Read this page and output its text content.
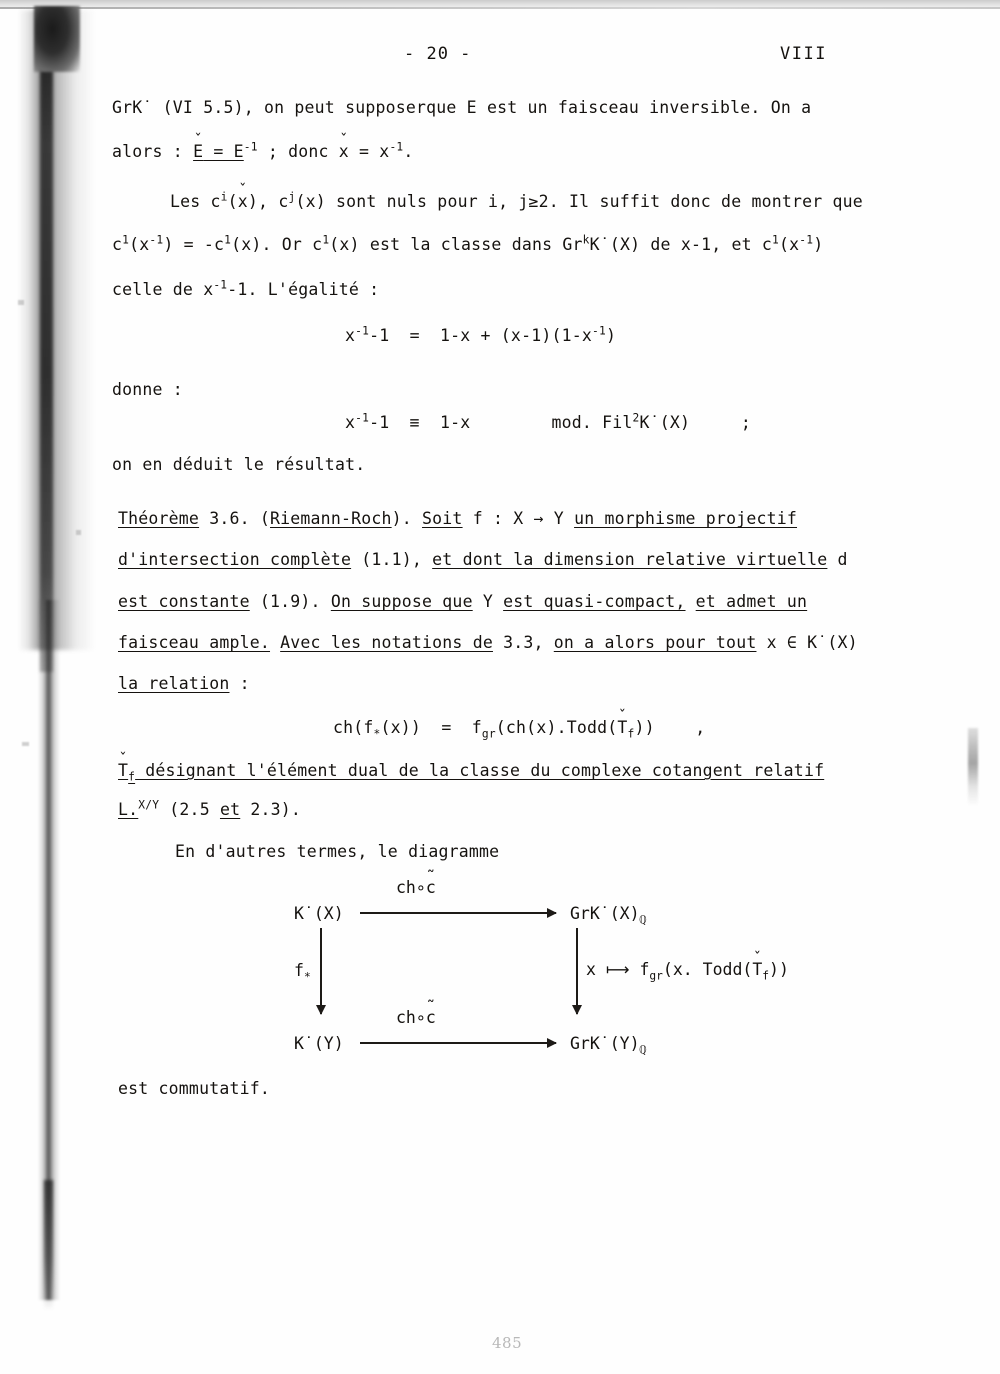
- 20 -	VIII
GrK˙ (VI 5.5), on peut supposerque E est un faisceau inversible. On a
alors : ˇ $E = E^{-1}$ ; donc ˇ $x = x^{-1}$.
Les $c^i(ˇ$ x), $c^j(x)$ sont nuls pour i, j≥2. Il suffit donc de montrer que
$c^1(x^{-1}) = -c^1(x)$. Or $c^1(x)$ est la classe dans Gr$^k$K˙(X) de x-1, et $c^1(x^{-1})$
celle de $x^{-1}-1$. L'égalité :
$x^{-1}-1 = 1-x + (x-1)(1-x^{-1})$
donne :
$x^{-1}-1 \equiv 1-x$        mod. Fil$^2$K˙(X)     ;
on en déduit le résultat.
Théorème 3.6. (Riemann-Roch). Soit f : X → Y un morphisme projectif
d'intersection complète (1.1), et dont la dimension relative virtuelle d
est constante (1.9). On suppose que Y est quasi-compact, et admet un
faisceau ample. Avec les notations de 3.3, on a alors pour tout x ∈ K˙(X)
la relation :
$ch(f_*(x))$  =  $f_{gr}(ch(x).Todd(ˇ$ $T_f$))    ,
ˇ $T_f$ désignant l'élément dual de la classe du complexe cotangent relatif
L.$^{X/Y}$ (2.5 et 2.3).
En d'autres termes, le diagramme
ch∘˜ c
K˙(X)	$GrK˙(X)_ℚ$
$f_*$	x ⟼ $f_{gr}(x$. Todd(ˇ $T_f$))
ch∘˜ c
K˙(Y)	$GrK˙(Y)_ℚ$
est commutatif.
485
